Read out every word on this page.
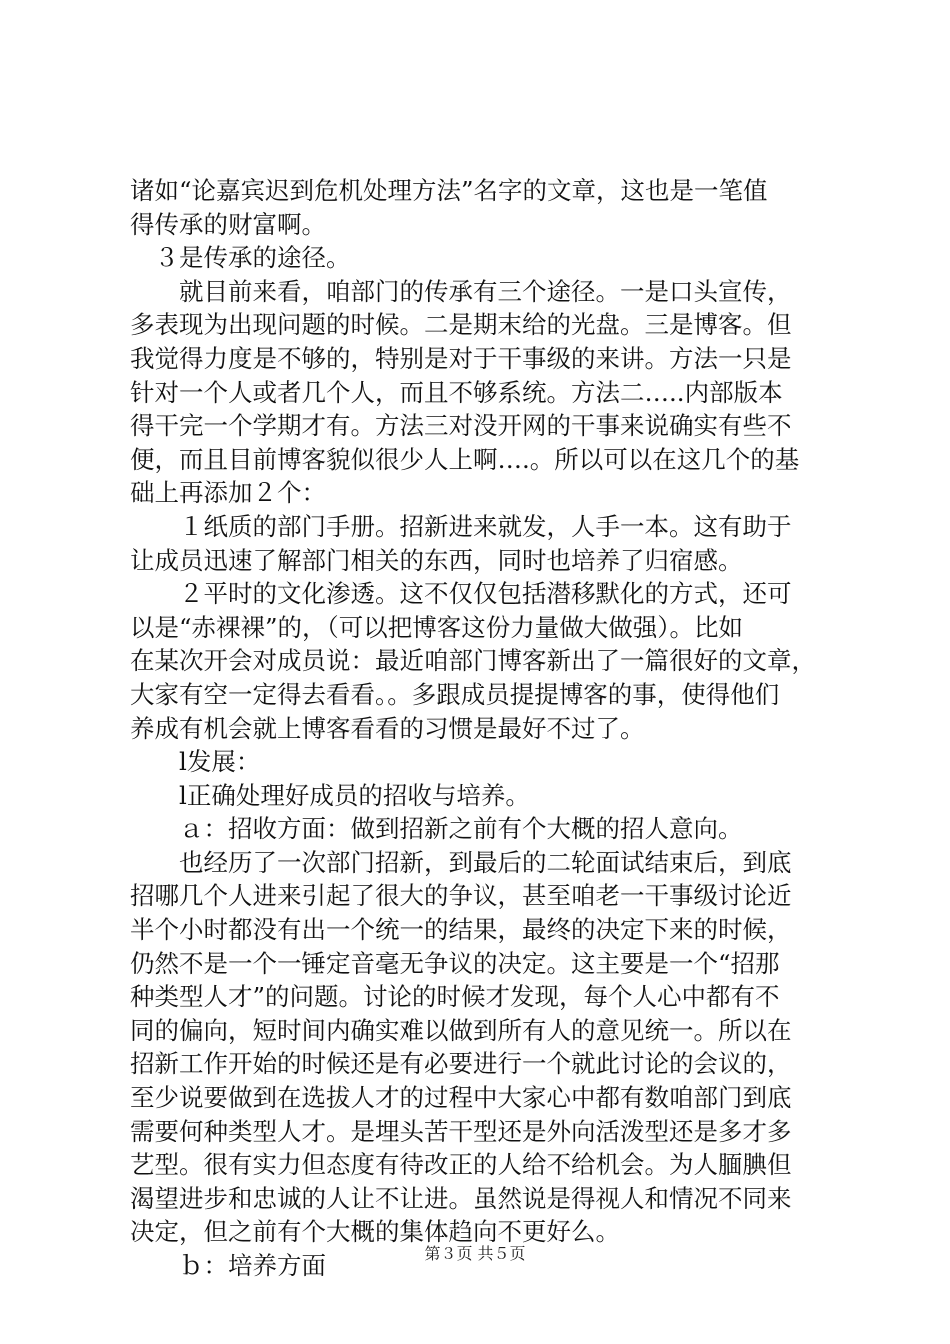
诸如“论嘉宾迟到危机处理方法”名字的文章，这也是一笔值
得传承的财富啊。
　３是传承的途径。
　　就目前来看，咱部门的传承有三个途径。一是口头宣传，
多表现为出现问题的时候。二是期末给的光盘。三是博客。但
我觉得力度是不够的，特别是对于干事级的来讲。方法一只是
针对一个人或者几个人，而且不够系统。方法二…..内部版本
得干完一个学期才有。方法三对没开网的干事来说确实有些不
便，而且目前博客貌似很少人上啊….。所以可以在这几个的基
础上再添加２个：
　　１纸质的部门手册。招新进来就发，人手一本。这有助于
让成员迅速了解部门相关的东西，同时也培养了归宿感。
　　２平时的文化渗透。这不仅仅包括潜移默化的方式，还可
以是“赤裸裸”的，（可以把博客这份力量做大做强）。比如
在某次开会对成员说：最近咱部门博客新出了一篇很好的文章，
大家有空一定得去看看。。多跟成员提提博客的事，使得他们
养成有机会就上博客看看的习惯是最好不过了。
　　l发展：
　　l正确处理好成员的招收与培养。
　　ａ：招收方面：做到招新之前有个大概的招人意向。
　　也经历了一次部门招新，到最后的二轮面试结束后，到底
招哪几个人进来引起了很大的争议，甚至咱老一干事级讨论近
半个小时都没有出一个统一的结果，最终的决定下来的时候，
仍然不是一个一锤定音毫无争议的决定。这主要是一个“招那
种类型人才”的问题。讨论的时候才发现，每个人心中都有不
同的偏向，短时间内确实难以做到所有人的意见统一。所以在
招新工作开始的时候还是有必要进行一个就此讨论的会议的，
至少说要做到在选拔人才的过程中大家心中都有数咱部门到底
需要何种类型人才。是埋头苦干型还是外向活泼型还是多才多
艺型。很有实力但态度有待改正的人给不给机会。为人腼腆但
渴望进步和忠诚的人让不让进。虽然说是得视人和情况不同来
决定，但之前有个大概的集体趋向不更好么。
　　ｂ：培养方面	第３页 共５页
